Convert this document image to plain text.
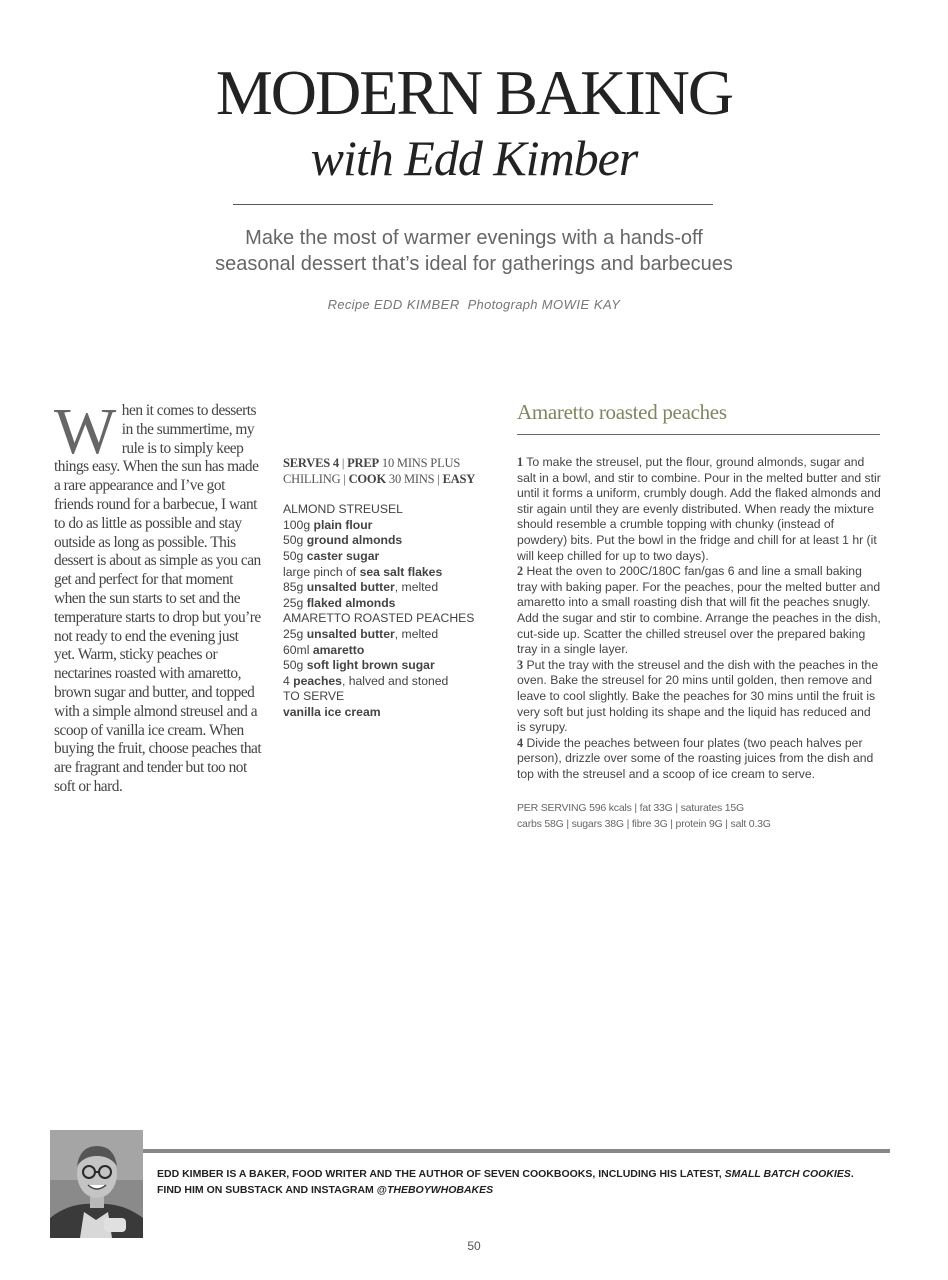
MODERN BAKING
with Edd Kimber
Make the most of warmer evenings with a hands-off
seasonal dessert that’s ideal for gatherings and barbecues
Recipe EDD KIMBER Photograph MOWIE KAY
When it comes to desserts in the summertime, my rule is to simply keep things easy. When the sun has made a rare appearance and I’ve got friends round for a barbecue, I want to do as little as possible and stay outside as long as possible. This dessert is about as simple as you can get and perfect for that moment when the sun starts to set and the temperature starts to drop but you’re not ready to end the evening just yet. Warm, sticky peaches or nectarines roasted with amaretto, brown sugar and butter, and topped with a simple almond streusel and a scoop of vanilla ice cream. When buying the fruit, choose peaches that are fragrant and tender but too not soft or hard.
SERVES 4 | PREP 10 MINS PLUS CHILLING | COOK 30 MINS | EASY
ALMOND STREUSEL
100g plain flour
50g ground almonds
50g caster sugar
large pinch of sea salt flakes
85g unsalted butter, melted
25g flaked almonds
AMARETTO ROASTED PEACHES
25g unsalted butter, melted
60ml amaretto
50g soft light brown sugar
4 peaches, halved and stoned
TO SERVE
vanilla ice cream
Amaretto roasted peaches

1 To make the streusel, put the flour, ground almonds, sugar and salt in a bowl, and stir to combine. Pour in the melted butter and stir until it forms a uniform, crumbly dough. Add the flaked almonds and stir again until they are evenly distributed. When ready the mixture should resemble a crumble topping with chunky (instead of powdery) bits. Put the bowl in the fridge and chill for at least 1 hr (it will keep chilled for up to two days).

2 Heat the oven to 200C/180C fan/gas 6 and line a small baking tray with baking paper. For the peaches, pour the melted butter and amaretto into a small roasting dish that will fit the peaches snugly. Add the sugar and stir to combine. Arrange the peaches in the dish, cut-side up. Scatter the chilled streusel over the prepared baking tray in a single layer.

3 Put the tray with the streusel and the dish with the peaches in the oven. Bake the streusel for 20 mins until golden, then remove and leave to cool slightly. Bake the peaches for 30 mins until the fruit is very soft but just holding its shape and the liquid has reduced and is syrupy.

4 Divide the peaches between four plates (two peach halves per person), drizzle over some of the roasting juices from the dish and top with the streusel and a scoop of ice cream to serve.

PER SERVING 596 kcals | fat 33G | saturates 15G
carbs 58G | sugars 38G | fibre 3G | protein 9G | salt 0.3G
EDD KIMBER IS A BAKER, FOOD WRITER AND THE AUTHOR OF SEVEN COOKBOOKS, INCLUDING HIS LATEST, SMALL BATCH COOKIES.
FIND HIM ON SUBSTACK AND INSTAGRAM @THEBOYWHOBAKES
50
